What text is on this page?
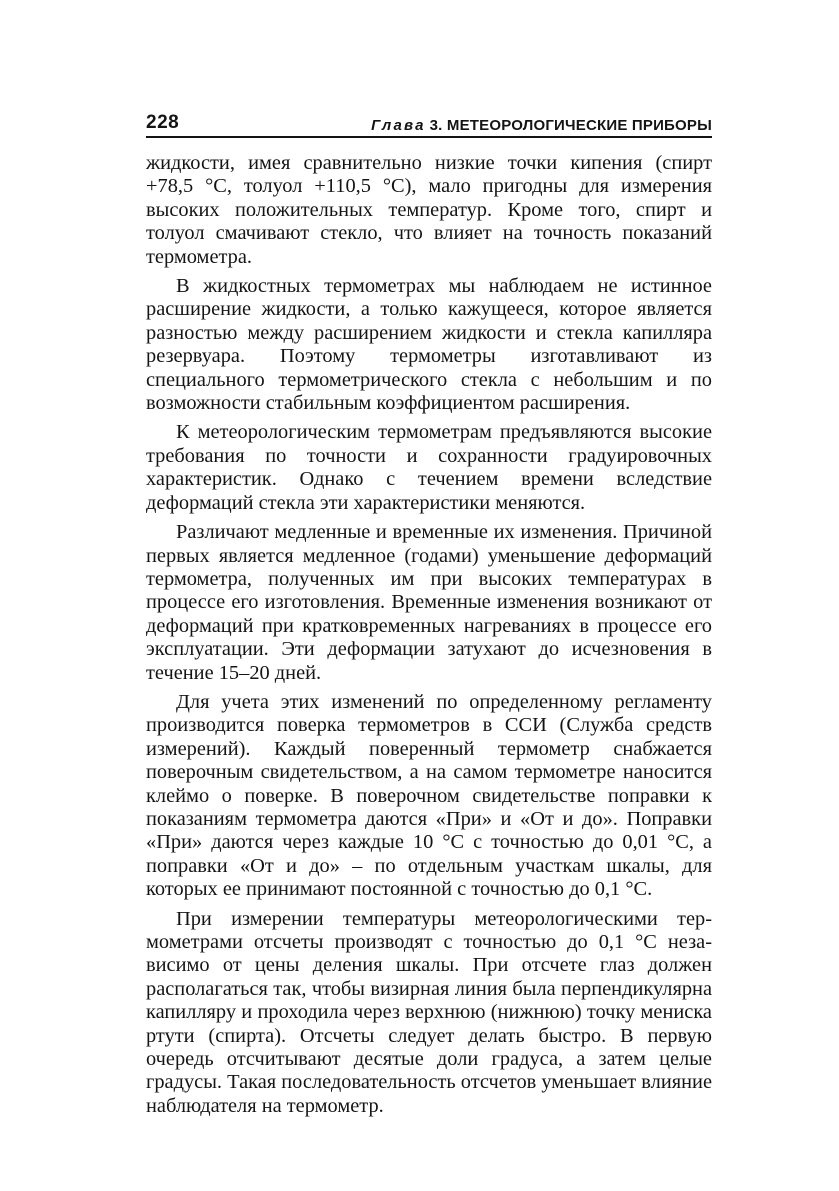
228	Глава 3. МЕТЕОРОЛОГИЧЕСКИЕ ПРИБОРЫ

жидкости, имея сравнительно низкие точки кипения (спирт +78,5 °С, толуол +110,5 °С), мало пригодны для измерения высоких положительных температур. Кроме того, спирт и толуол смачивают стекло, что влияет на точность показаний термометра.

В жидкостных термометрах мы наблюдаем не истинное расширение жидкости, а только кажущееся, которое является разностью между расширением жидкости и стекла капилляра резервуара. Поэтому термометры изготавливают из специального термометрического стекла с небольшим и по возможности стабильным коэффициентом расширения.

К метеорологическим термометрам предъявляются высокие требования по точности и сохранности градуировочных характеристик. Однако с течением времени вследствие деформаций стекла эти характеристики меняются.

Различают медленные и временные их изменения. Причиной первых является медленное (годами) уменьшение деформаций термометра, полученных им при высоких температурах в процессе его изготовления. Временные изменения возникают от деформаций при кратковременных нагреваниях в процессе его эксплуатации. Эти деформации затухают до исчезновения в течение 15–20 дней.

Для учета этих изменений по определенному регламенту производится поверка термометров в ССИ (Служба средств измерений). Каждый поверенный термометр снабжается поверочным свидетельством, а на самом термометре наносится клеймо о поверке. В поверочном свидетельстве поправки к показаниям термометра даются «При» и «От и до». Поправки «При» даются через каждые 10 °С с точностью до 0,01 °С, а поправки «От и до» – по отдельным участкам шкалы, для которых ее принимают постоянной с точностью до 0,1 °С.

При измерении температуры метеорологическими термометрами отсчеты производят с точностью до 0,1 °С независимо от цены деления шкалы. При отсчете глаз должен располагаться так, чтобы визирная линия была перпендикулярна капилляру и проходила через верхнюю (нижнюю) точку мениска ртути (спирта). Отсчеты следует делать быстро. В первую очередь отсчитывают десятые доли градуса, а затем целые градусы. Такая последовательность отсчетов уменьшает влияние наблюдателя на термометр.
